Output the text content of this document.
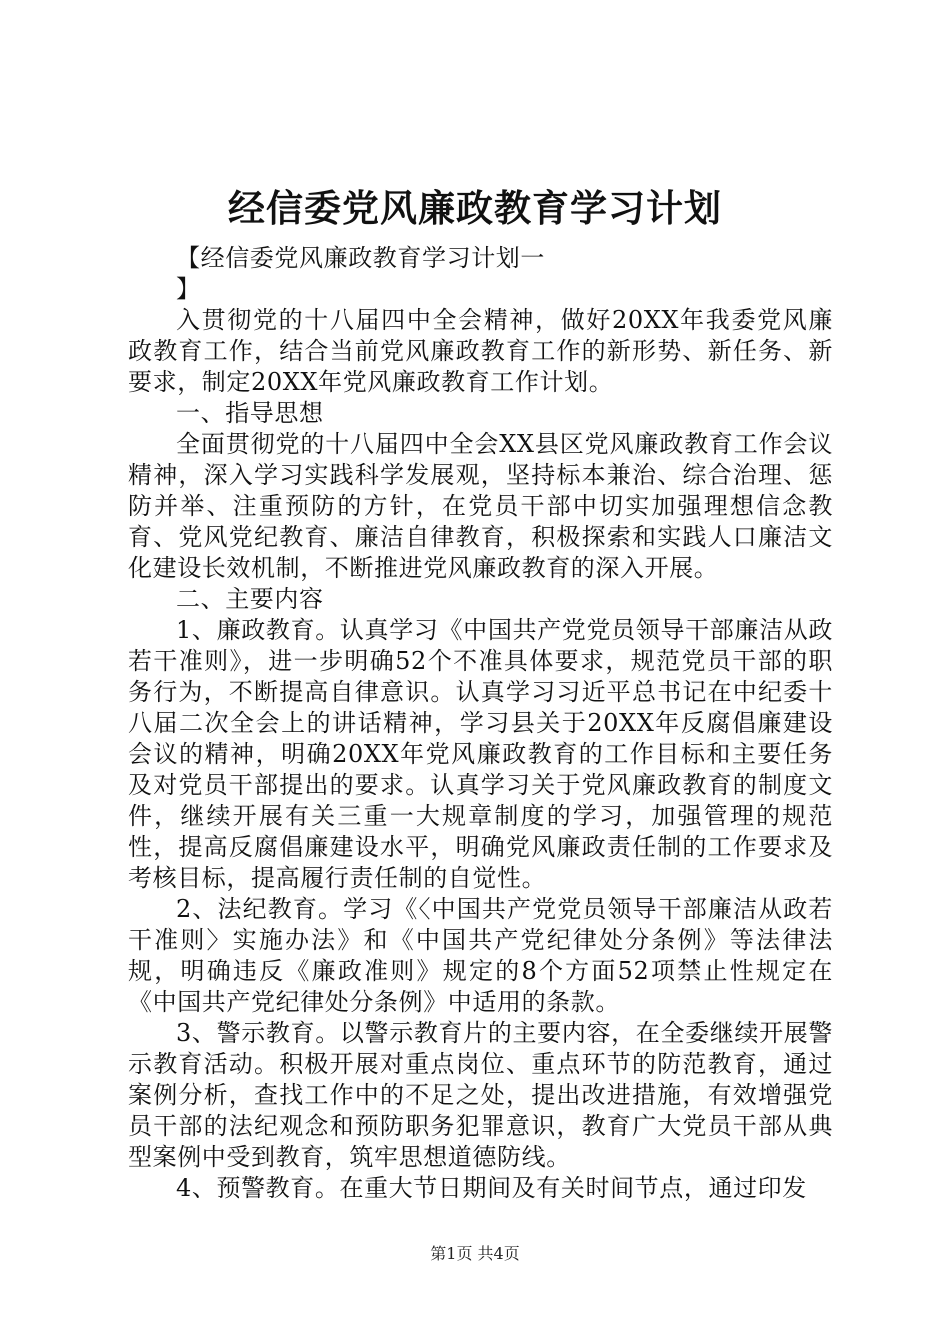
经信委党风廉政教育学习计划

【经信委党风廉政教育学习计划一

】

入贯彻党的十八届四中全会精神，做好20XX年我委党风廉政教育工作，结合当前党风廉政教育工作的新形势、新任务、新要求，制定20XX年党风廉政教育工作计划。

一、指导思想

全面贯彻党的十八届四中全会XX县区党风廉政教育工作会议精神，深入学习实践科学发展观，坚持标本兼治、综合治理、惩防并举、注重预防的方针，在党员干部中切实加强理想信念教育、党风党纪教育、廉洁自律教育，积极探索和实践人口廉洁文化建设长效机制，不断推进党风廉政教育的深入开展。

二、主要内容

1、廉政教育。认真学习《中国共产党党员领导干部廉洁从政若干准则》，进一步明确52个不准具体要求，规范党员干部的职务行为，不断提高自律意识。认真学习习近平总书记在中纪委十八届二次全会上的讲话精神，学习县关于20XX年反腐倡廉建设会议的精神，明确20XX年党风廉政教育的工作目标和主要任务及对党员干部提出的要求。认真学习关于党风廉政教育的制度文件，继续开展有关三重一大规章制度的学习，加强管理的规范性，提高反腐倡廉建设水平，明确党风廉政责任制的工作要求及考核目标，提高履行责任制的自觉性。

2、法纪教育。学习《〈中国共产党党员领导干部廉洁从政若干准则〉实施办法》和《中国共产党纪律处分条例》等法律法规，明确违反《廉政准则》规定的8个方面52项禁止性规定在《中国共产党纪律处分条例》中适用的条款。

3、警示教育。以警示教育片的主要内容，在全委继续开展警示教育活动。积极开展对重点岗位、重点环节的防范教育，通过案例分析，查找工作中的不足之处，提出改进措施，有效增强党员干部的法纪观念和预防职务犯罪意识，教育广大党员干部从典型案例中受到教育，筑牢思想道德防线。

4、预警教育。在重大节日期间及有关时间节点，通过印发

第1页 共4页
